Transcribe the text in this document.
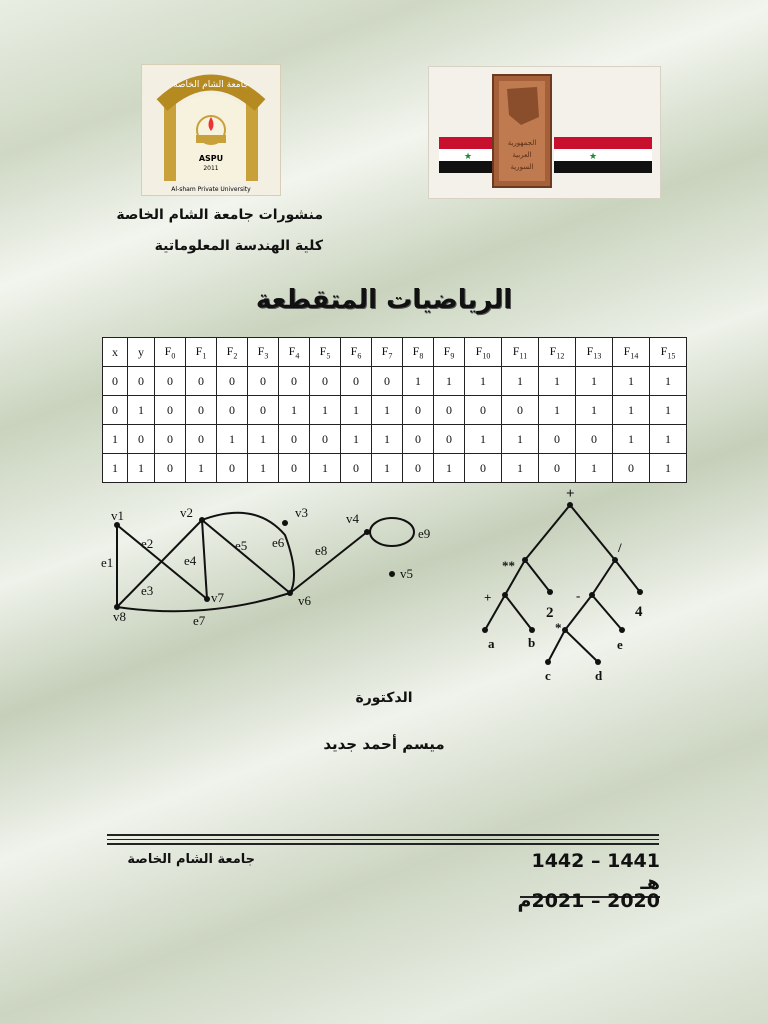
جامعة الشام الخاصة
ASPU
2011
Al-sham Private University
★	★
الجمهورية
العربية
السورية
منشورات جامعة الشام الخاصة
كلية الهندسة المعلوماتية
الرياضيات المتقطعة
x	y	$F_0$	$F_1$	$F_2$	$F_3$	$F_4$	$F_5$	$F_6$	$F_7$	$F_8$	$F_9$	$F_{10}$	$F_{11}$	$F_{12}$	$F_{13}$	$F_{14}$	$F_{15}$
0	0	0	0	0	0	0	0	0	0	1	1	1	1	1	1	1	1
0	1	0	0	0	0	1	1	1	1	0	0	0	0	1	1	1	1
1	0	0	0	1	1	0	0	1	1	0	0	1	1	0	0	1	1
1	1	0	1	0	1	0	1	0	1	0	1	0	1	0	1	0	1
v1	v2	v3	v4
v5
v6
v7
v8
e1
e2
e3
e4
e5 e6
e7
e8
e9
+
**
/
+	-
*
2	4
a	b	e
c	d
الدكتورة
ميسم أحمد جديد
1441 – 1442 هـ
2020 – 2021م
جامعة الشام الخاصة
